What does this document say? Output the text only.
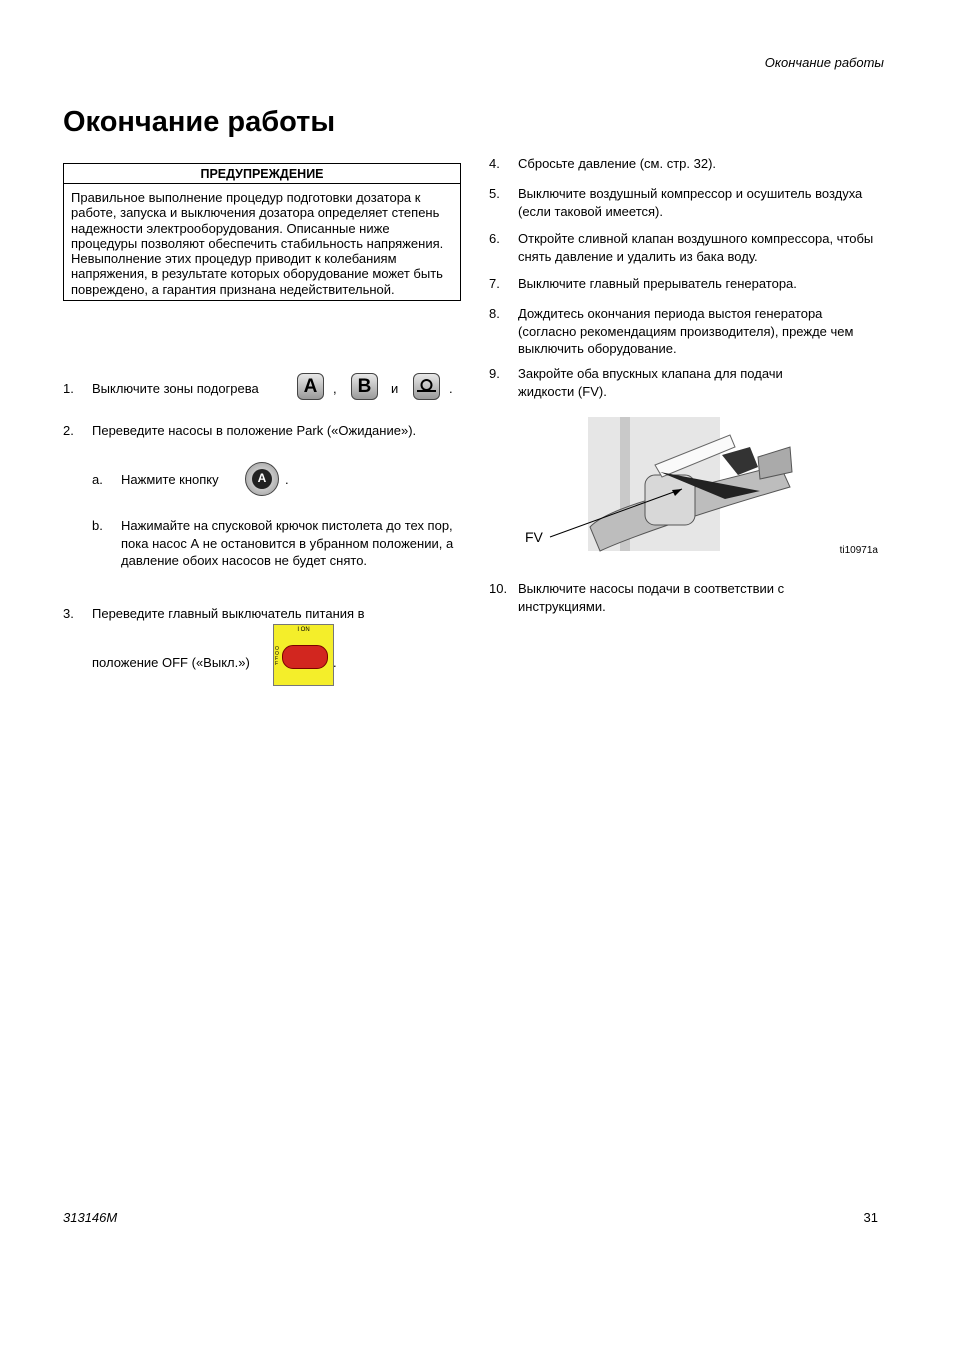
Окончание работы
Окончание работы
ПРЕДУПРЕЖДЕНИЕ
Правильное выполнение процедур подготовки дозатора к работе, запуска и выключения дозатора определяет степень надежности электрооборудования. Описанные ниже процедуры позволяют обеспечить стабильность напряжения. Невыполнение этих процедур приводит к колебаниям напряжения, в результате которых оборудование может быть повреждено, а гарантия признана недействительной.
1. Выключите зоны подогрева	A	,	B	и	.
2. Переведите насосы в положение Park («Ожидание»).
a. Нажмите кнопку	A	.
b. Нажимайте на спусковой крючок пистолета до тех пор, пока насос А не остановится в убранном положении, а давление обоих насосов не будет снято.
3. Переведите главный выключатель питания в
положение OFF («Выкл.»)
I ON
O OFF	.
4. Сбросьте давление (см. стр. 32).
5. Выключите воздушный компрессор и осушитель воздуха (если таковой имеется).
6. Откройте сливной клапан воздушного компрессора, чтобы снять давление и удалить из бака воду.
7. Выключите главный прерыватель генератора.
8. Дождитесь окончания периода выстоя генератора (согласно рекомендациям производителя), прежде чем выключить оборудование.
9. Закройте оба впускных клапана для подачи жидкости (FV).
FV
ti10971a
10. Выключите насосы подачи в соответствии с инструкциями.
313146M	31
